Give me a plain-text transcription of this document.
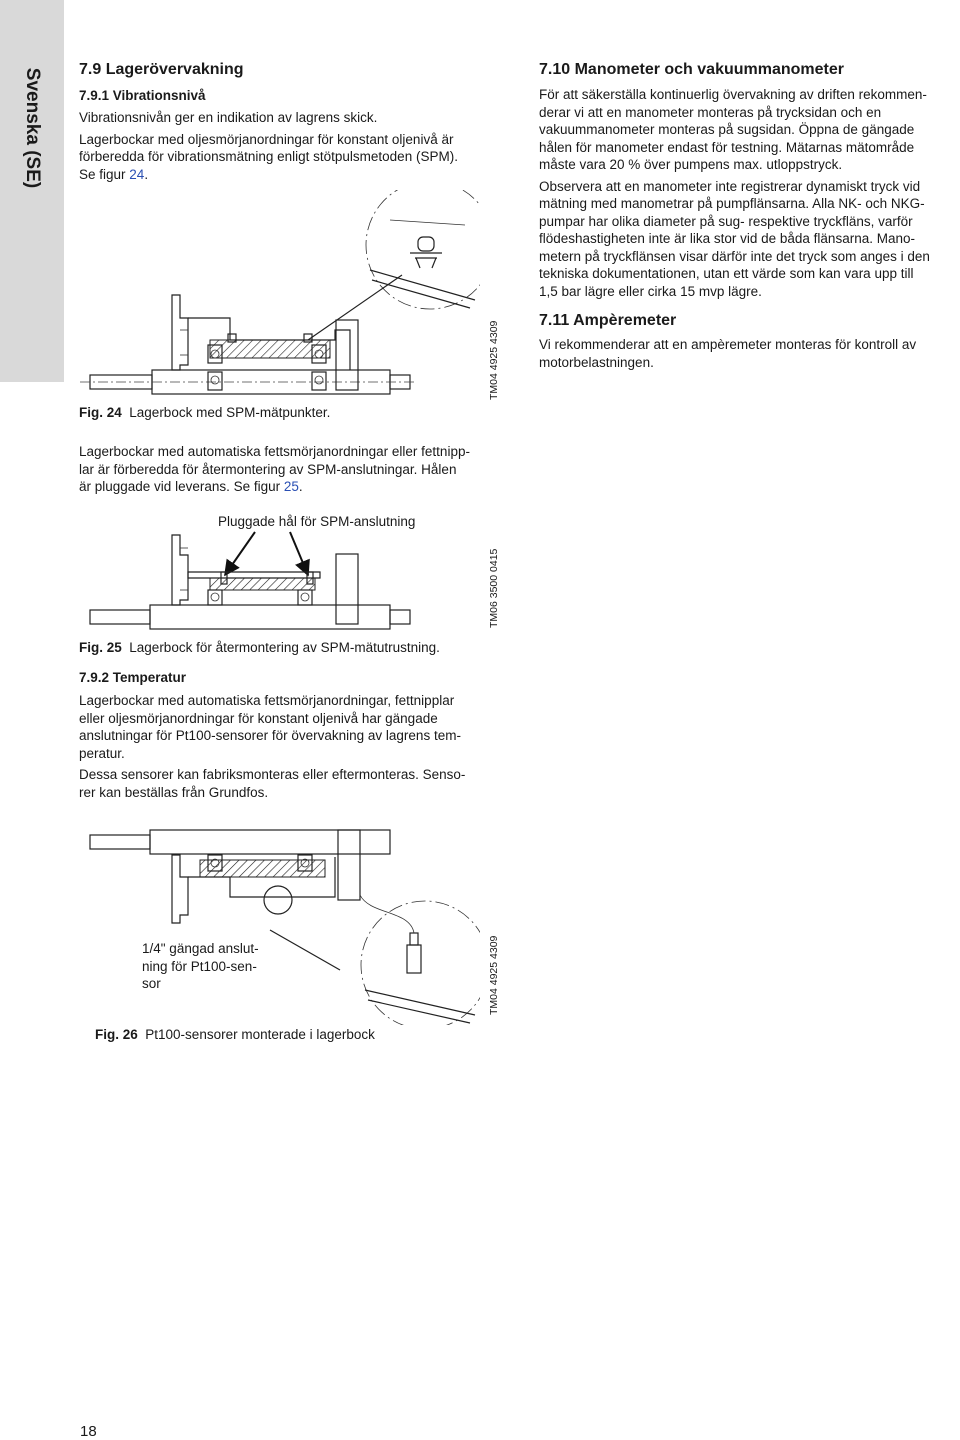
Svenska (SE) 7.9 Lagerövervakning
7.9.1 Vibrationsnivå

Vibrationsnivån ger en indikation av lagrens skick.

Lagerbockar med oljesmörjanordningar för konstant oljenivå är

förberedda för vibrationsmätning enligt stötpulsmetoden (SPM).

Se figur 24.

TM04 4925 4309
Fig. 24 Lagerbock med SPM-mätpunkter.

Lagerbockar med automatiska fettsmörjanordningar eller fettnipp-

lar är förberedda för återmontering av SPM-anslutningar. Hålen

är pluggade vid leverans. Se figur 25.

Pluggade hål för SPM-anslutning
TM06 3500 0415
Fig. 25 Lagerbock för återmontering av SPM-mätutrustning.
7.9.2 Temperatur

Lagerbockar med automatiska fettsmörjanordningar, fettnipplar

eller oljesmörjanordningar för konstant oljenivå har gängade

anslutningar för Pt100-sensorer för övervakning av lagrens tem-

peratur.

Dessa sensorer kan fabriksmonteras eller eftermonteras. Senso-

rer kan beställas från Grundfos.

1/4" gängad anslut-

ning för Pt100-sen-

sor	TM04 4925 4309
Fig. 26 Pt100-sensorer monterade i lagerbock
7.10 Manometer och vakuummanometer

För att säkerställa kontinuerlig övervakning av driften rekommen-

derar vi att en manometer monteras på trycksidan och en

vakuummanometer monteras på sugsidan. Öppna de gängade

hålen för manometer endast för testning. Mätarnas mätområde

måste vara 20 % över pumpens max. utloppstryck.

Observera att en manometer inte registrerar dynamiskt tryck vid

mätning med manometrar på pumpflänsarna. Alla NK- och NKG-

pumpar har olika diameter på sug- respektive tryckfläns, varför

flödeshastigheten inte är lika stor vid de båda flänsarna. Mano-

metern på tryckflänsen visar därför inte det tryck som anges i den

tekniska dokumentationen, utan ett värde som kan vara upp till

1,5 bar lägre eller cirka 15 mvp lägre.

7.11 Ampèremeter

Vi rekommenderar att en ampèremeter monteras för kontroll av

motorbelastningen.

18
